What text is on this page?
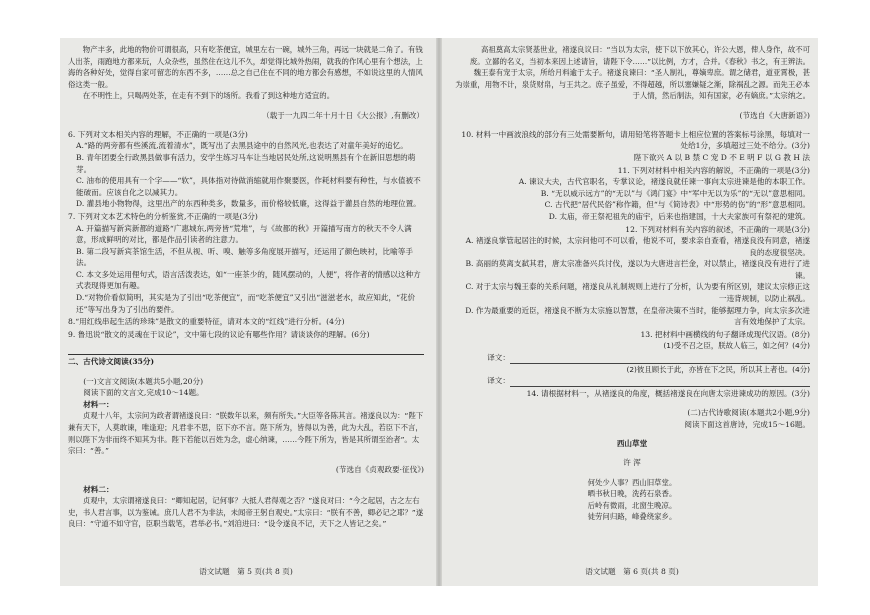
物产丰多，此地的物价可谓很高，只有吃茶便宜，城里左右一碗，城外三角，再远一块就是二角了。有钱人出茶，雨跑地方都来玩，人众杂些，虽然住在这儿不久，却觉得比城外热闹，就我的作风心里有个想法，上海的各种好处，觉得自家可留恋的东西不多，……总之自己住在不同的地方都会有感想，不如说这里的人情风俗这类一般。

在不明性上，只喝两处茶，在走有不到下的场所。我看了到这种地方适宜的。

（载于一九四二年十月十日《大公报》,有删改）

6. 下列对文本相关内容的理解，不正确的一项是(3分)

A.“路的两旁都有些溪流,流着清水”，既写出了去黑县途中的自然风光,也表达了对童年美好的追忆。

B. 青年团要全行政黑县做事有活力，安学生练习马车让当地居民处所,这说明黑县有个在新旧思想的萌芽。

C. 油布的使用具有一个字——“软”，具体指对待做消缩就用作聚要医，作耗材料要有种性，与水值被不能破而。应该自化之以减其力。

D. 灌县地小物物得，这里出产的东西种类多，数量多，而价格较低廉，这得益于灌县自然的地理位置。

7. 下列对文本艺术特色的分析鉴赏,不正确的一项是(3分)

A. 开篇描写新宾新都的道路“广惠城东,两旁皆“荒堆”，与《故都的秋》开篇描写南方的秋天不令人满意，形成鲜明的对比，都是作品引读者的注意力。

B. 第二段写新宾茶馆生活，不但从视、听、嗅、触等多角度展开描写，还运用了颜色映衬，比喻等手法。

C. 本文多处运用俚句式，语言活泼表达，如“一座茶少的，随风摆动的，人便”，将作者的情感以这种方式表现得更加有趣。

D.“对物价看似简明，其实是为了引出“吃茶便宜”，而“吃茶便宜”又引出“滋滋老水，故应知此，“花价还”等写出身为了引出的要件。

8.“用红线串起生活的珍珠”是散文的重要特征，请对本文的“红线”进行分析。(4分)

9. 鲁迅说“散文的灵魂在于议论”，文中第七段的议论有哪些作用？请谈谈你的理解。(6分)

二、古代诗文阅读(35分)

(一)文言文阅读(本题共5小题,20分)

阅读下面的文言文,完成10～14题。

材料一：

贞观十八年，太宗问为政者谓褚遂良曰：“朕数年以来，频有所失。”大臣等各陈其言。褚遂良以为：“陛下兼有天下，人莫敢谏，唯逢迎；凡君非不思，臣下亦不言。陛下所为，皆得以为善，此为大乱，若臣下不言，则以陛下为非而终不知其为非。陛下若能以百姓为念，虚心纳谏，……今陛下所为，皆是其所谓至治者”。太宗曰：“善。”

(节选自《贞观政要·征伐》)

材料二：

贞观中，太宗谓褚遂良曰：“卿知起居，记何事？大抵人君得观之否？”遂良对曰：“今之起居，古之左右史，书人君言事，以为鉴诫。庶几人君不为非法，未闻帝王躬自观史。”太宗曰：“朕有不善，卿必记之耶？”遂良曰：“守道不如守官，臣职当载笔，君举必书。”刘洎进曰：“设令遂良不记，天下之人皆记之矣。”

语文试题　第 5 页(共 8 页)

高祖奠高太宗贤基世业，褚遂良议曰：“当以为太宗，使下以下放其心，许公大恩，俾人身作，故不可废。立鄙的名义，当初本来因上述请旨，请陛下令……”以比例，方才，合并。《春秋》书之，有王辨法。

魏王泰有宠于太宗，所给月料逾于太子。褚遂良谏曰：“圣人制礼，尊嫡卑庶。谓之储君，道亚霄极，甚为崇重，用物不计，泉货财帛，与王共之。庶子虽爱，不得超越，所以塞嫌疑之渐，除祸乱之源。而先王必本于人情，然后制法，知有国家，必有嫡庶。”太宗纳之。

(节选自《大唐新语》)

10. 材料一中画波浪线的部分有三处需要断句，请用铅笔将答题卡上相应位置的答案标号涂黑，每填对一处给1分，多填超过三处不给分。(3分)

陛下欲兴 A 以 B 禁 C 宠 D 不 E 明 F 以 G 教 H 法

11. 下列对材料中相关内容的解说，不正确的一项是(3分)

A. 谏议大夫，古代官职名，专掌议论，褚遂良就任谏一事向太宗进谏是他的本职工作。

B. “无以威示远方”的“无以”与《鸿门宴》中“军中无以为乐”的“无以”意思相同。

C. 古代把“居代民俗”称作籍，但“与《简诗表》中“形势的伤”的“形”意思相同。

D. 太庙，帝王祭祀祖先的庙宇，后来也指建国，十大夫家族可有祭祀的建筑。

12. 下列对材料有关内容的叙述，不正确的一项是(3分)

A. 褚遂良掌管起居注的时候，太宗问他可不可以看，他说不可，要求亲自查看，褚遂良没有同意，褚遂良的态度很坚决。

B. 高丽的莫离支弑其君，唐太宗准备兴兵讨伐，遂以为大唐进言拦金，对以禁止，褚遂良没有进行了进谏。

C. 对于太宗与魏王泰的关系问题，褚遂良从礼制规则上进行了分析，认为要有所区别，建议太宗修正这一违背规制，以防止祸乱。

D. 作为最重要的近臣，褚遂良不断为太宗施以智慧，在皇帝决策不当时，能够据理力争，向太宗多次进言有效地保护了太宗。

13. 把材料中画横线的句子翻译成现代汉语。(8分)

(1)受不召之臣，朕故人临三，如之何？(4分)

译文：

(2)彼且顾长于此，亦皆在下之民，所以其上者也。(4分)

译文：

14. 请根据材料一，从褚遂良的角度，概括褚遂良在向唐太宗进谏成功的原因。(3分)

(二)古代诗歌阅读(本题共2小题,9分)

阅读下面这首唐诗，完成15～16题。

西山草堂

许 浑

何处少人事？西山旧草堂。
晒书秋日晚，洗药石泉香。
后岭有微雨，北窗生晚凉。
徒劳问归路，峰叠绕家乡。
语文试题　第 6 页(共 8 页)
